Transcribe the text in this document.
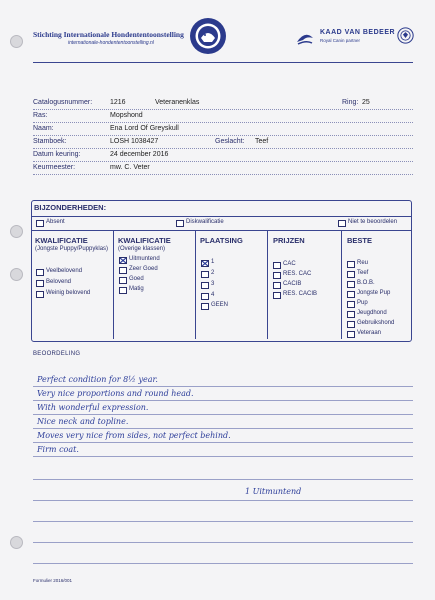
Stichting Internationale Hondententoonstelling
internationale-hondententoonstelling.nl
KAAD VAN BEDEER
Royal Canin partner
Catalogusnummer:	1216	Veteranenklas	Ring: 25
Ras:	Mopshond
Naam:	Ena Lord Of Greyskull
Stamboek:	LOSH 1038427	Geslacht: Teef
Datum keuring:	24 december 2016
Keurmeester:	mw. C. Veter
BIJZONDERHEDEN:
Absent	Diskwalificatie	Niet te beoordelen
KWALIFICATIE
(Jongste Puppy/Puppyklas)
Veelbelovend
Belovend
Weinig belovend
KWALIFICATIE
(Overige klassen)
Uitmuntend
Zeer Goed
Goed
Matig
PLAATSING
1
2
3
4
GEEN
PRIJZEN
CAC
RES. CAC
CACIB
RES. CACIB
BESTE
Reu
Teef
B.O.B.
Jongste Pup
Pup
Jeugdhond
Gebruikshond
Veteraan
BEOORDELING
Perfect condition for 8½ year.
Very nice proportions and round head.
With wonderful expression.
Nice neck and topline.
Moves very nice from sides, not perfect behind.
Firm coat.
1 Uitmuntend
Formulier 2016/001
